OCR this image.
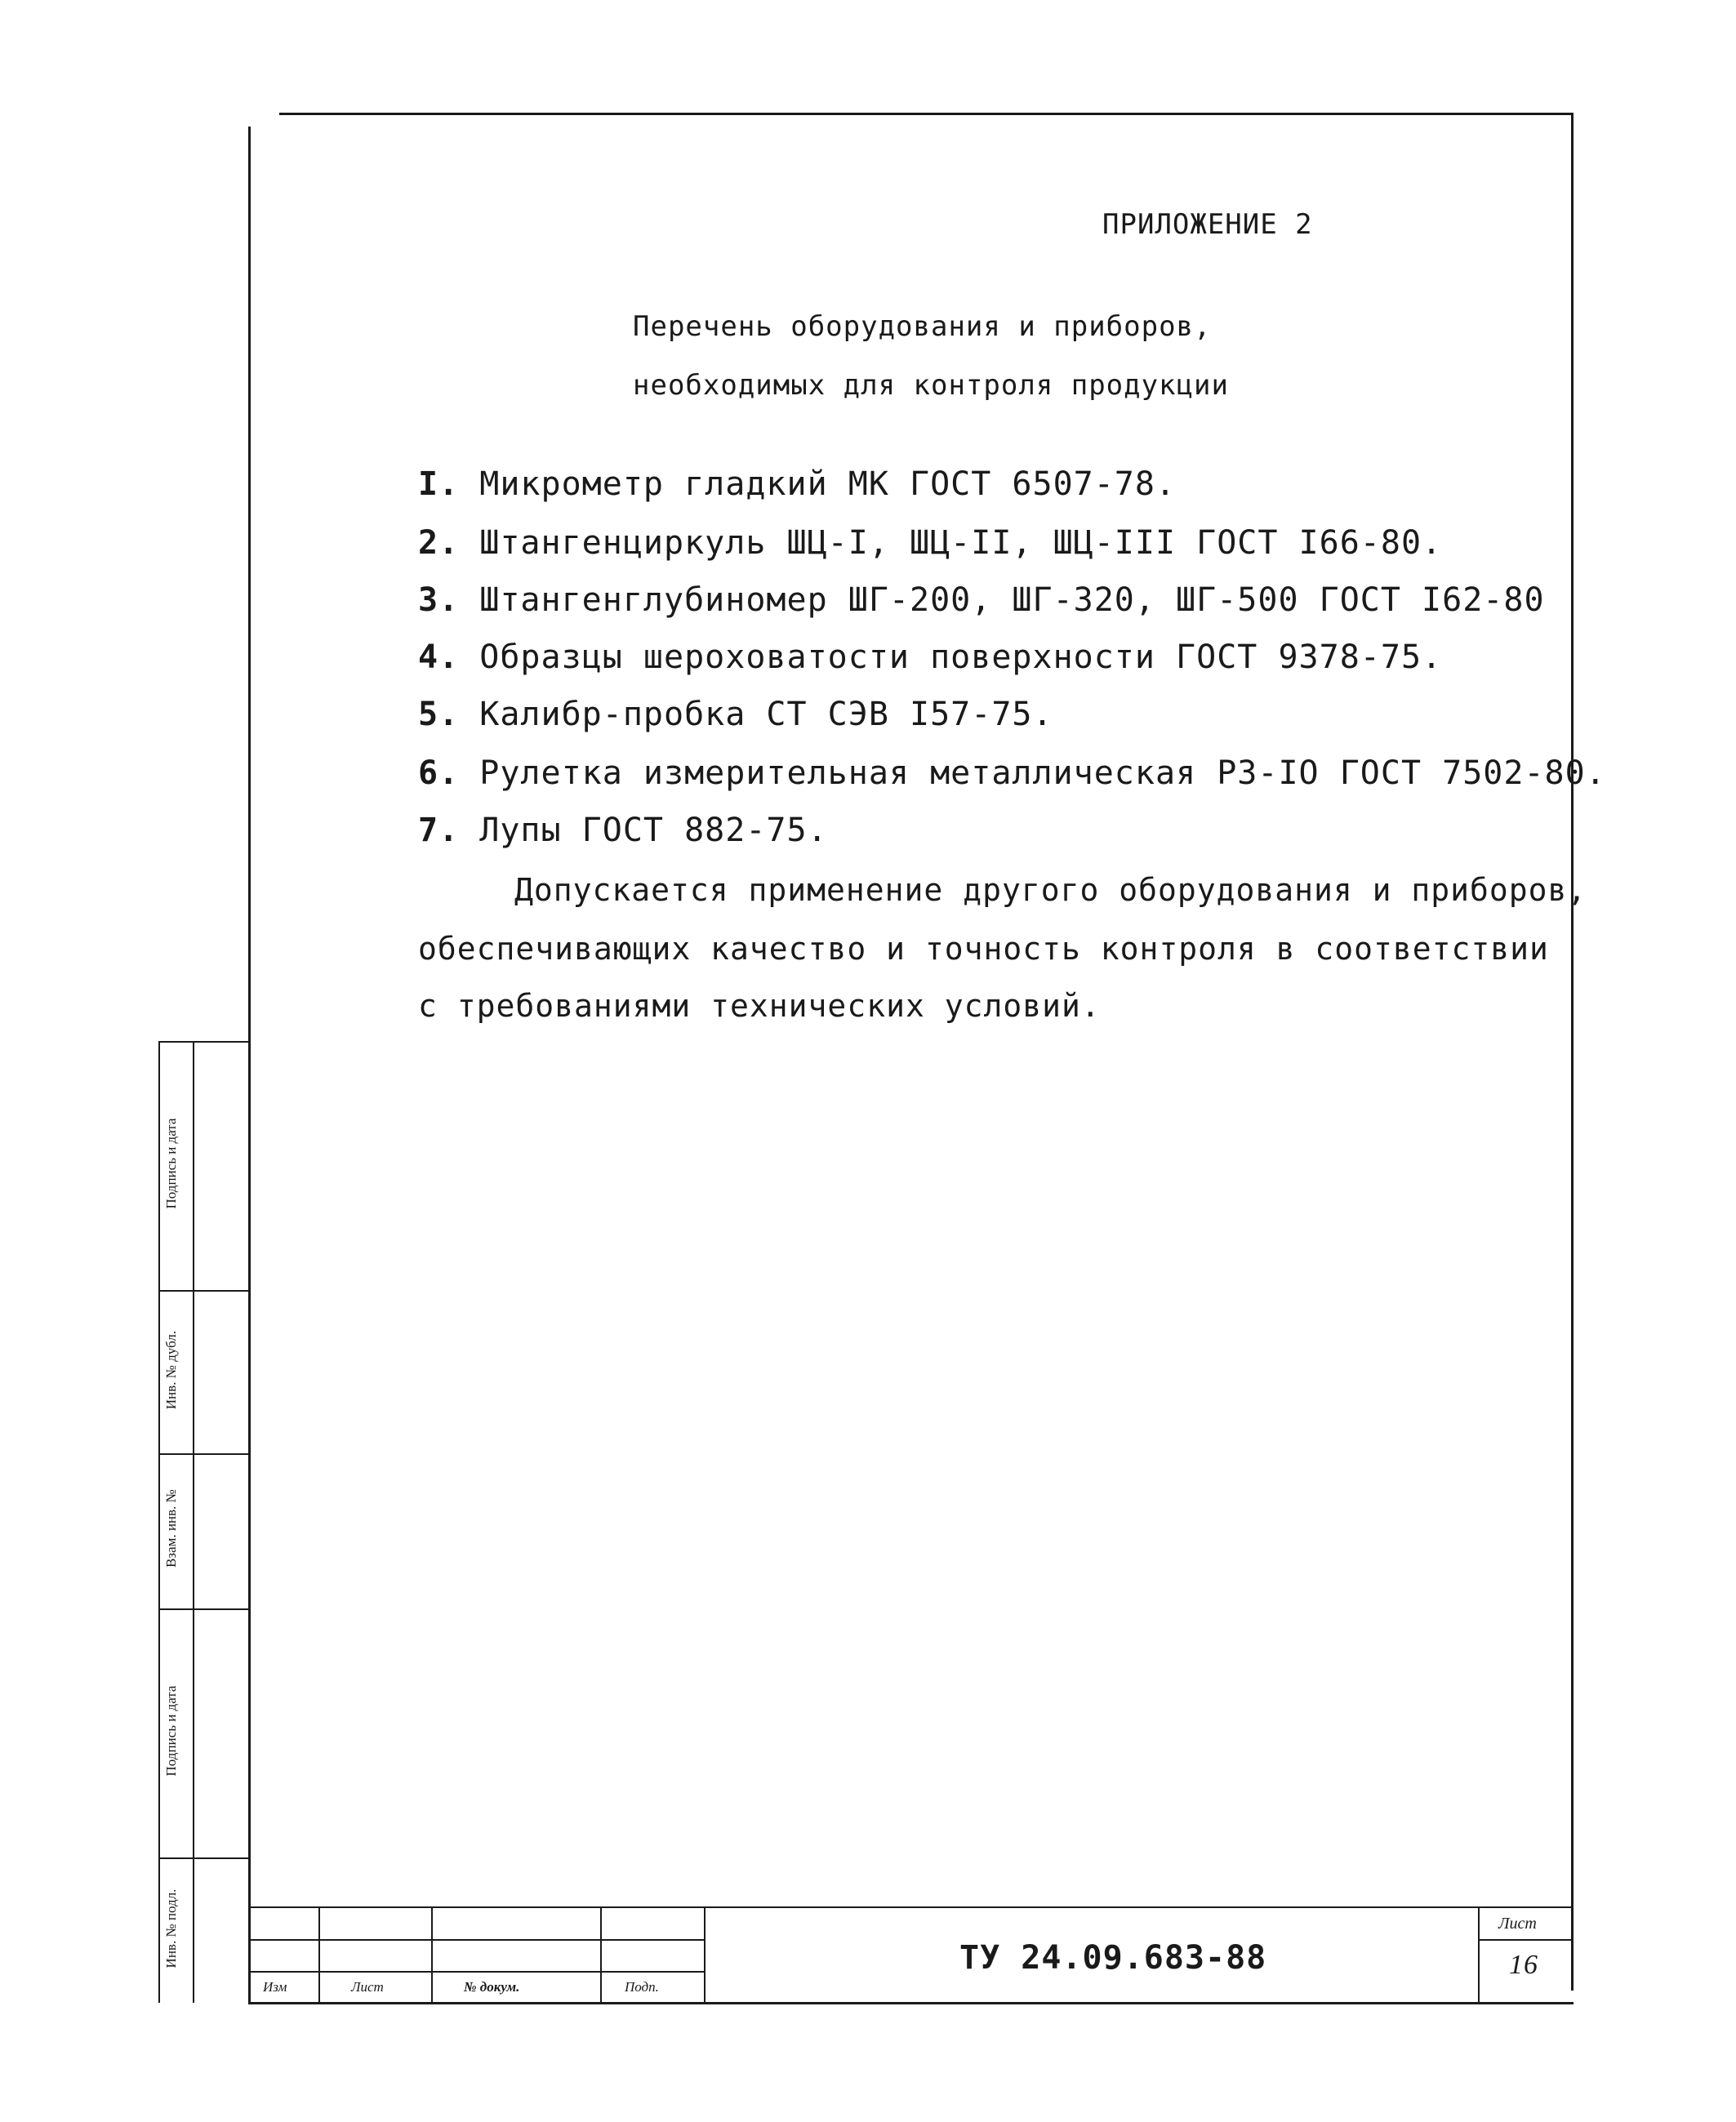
ПРИЛОЖЕНИЕ 2
Перечень оборудования и приборов,
необходимых для контроля продукции
I. Микрометр гладкий МК ГОСТ 6507-78.
2. Штангенциркуль ШЦ-I, ШЦ-II, ШЦ-III ГОСТ I66-80.
3. Штангенглубиномер ШГ-200, ШГ-320, ШГ-500 ГОСТ I62-80
4. Образцы шероховатости поверхности ГОСТ 9378-75.
5. Калибр-пробка СТ СЭВ I57-75.
6. Рулетка измерительная металлическая РЗ-IO ГОСТ 7502-80.
7. Лупы ГОСТ 882-75.
Допускается применение другого оборудования и приборов,
обеспечивающих качество и точность контроля в соответствии
с требованиями технических условий.
Подпись и дата
Инв. № дубл.
Взам. инв. №
Подпись и дата
Инв. № подл.
Изм	Лист	№ докум.	Подп.
ТУ 24.09.683-88
Лист
16
